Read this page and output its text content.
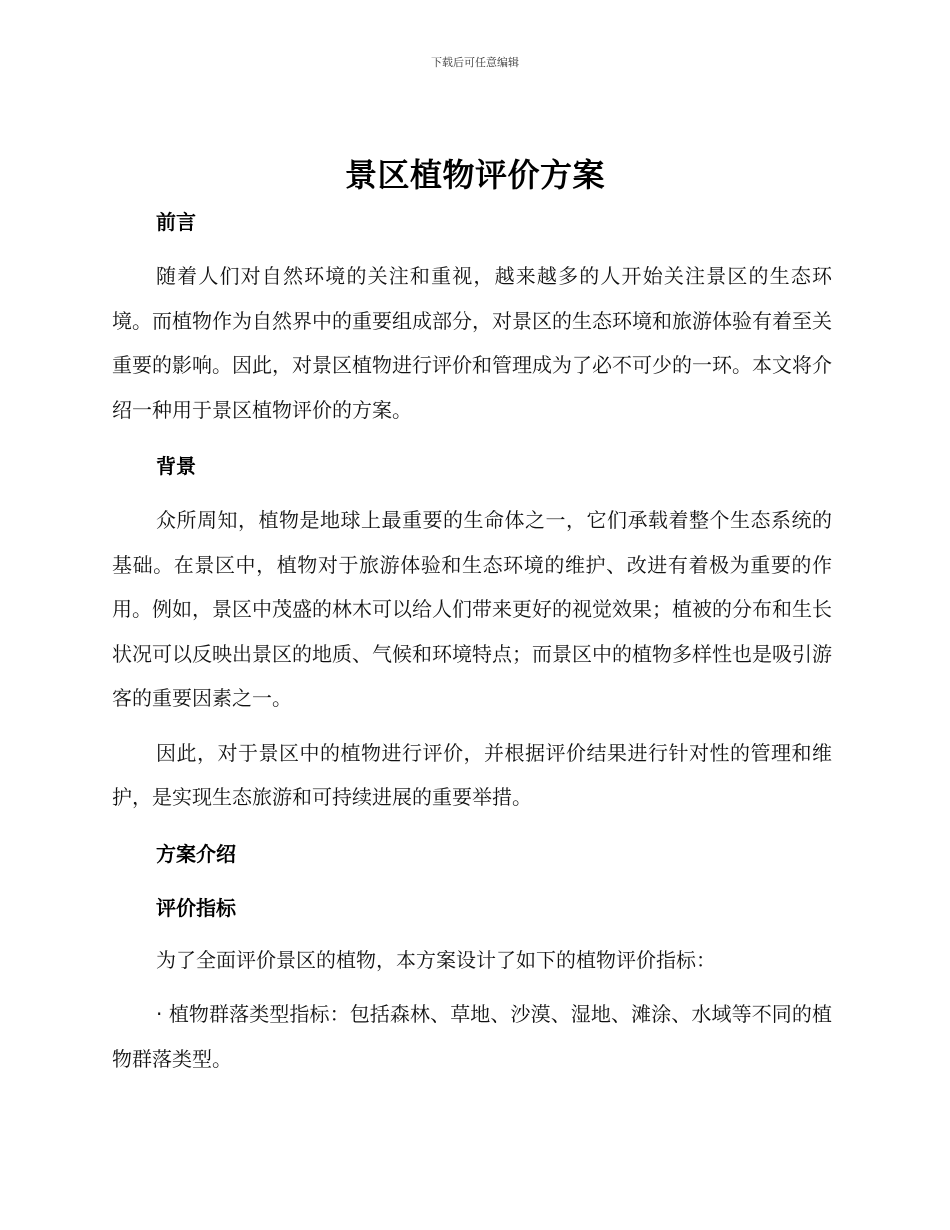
下载后可任意编辑
景区植物评价方案
前言

随着人们对自然环境的关注和重视，越来越多的人开始关注景区的生态环境。而植物作为自然界中的重要组成部分，对景区的生态环境和旅游体验有着至关重要的影响。因此，对景区植物进行评价和管理成为了必不可少的一环。本文将介绍一种用于景区植物评价的方案。

背景

众所周知，植物是地球上最重要的生命体之一，它们承载着整个生态系统的基础。在景区中，植物对于旅游体验和生态环境的维护、改进有着极为重要的作用。例如，景区中茂盛的林木可以给人们带来更好的视觉效果；植被的分布和生长状况可以反映出景区的地质、气候和环境特点；而景区中的植物多样性也是吸引游客的重要因素之一。

因此，对于景区中的植物进行评价，并根据评价结果进行针对性的管理和维护，是实现生态旅游和可持续进展的重要举措。

方案介绍
评价指标

为了全面评价景区的植物，本方案设计了如下的植物评价指标：

· 植物群落类型指标：包括森林、草地、沙漠、湿地、滩涂、水域等不同的植物群落类型。
